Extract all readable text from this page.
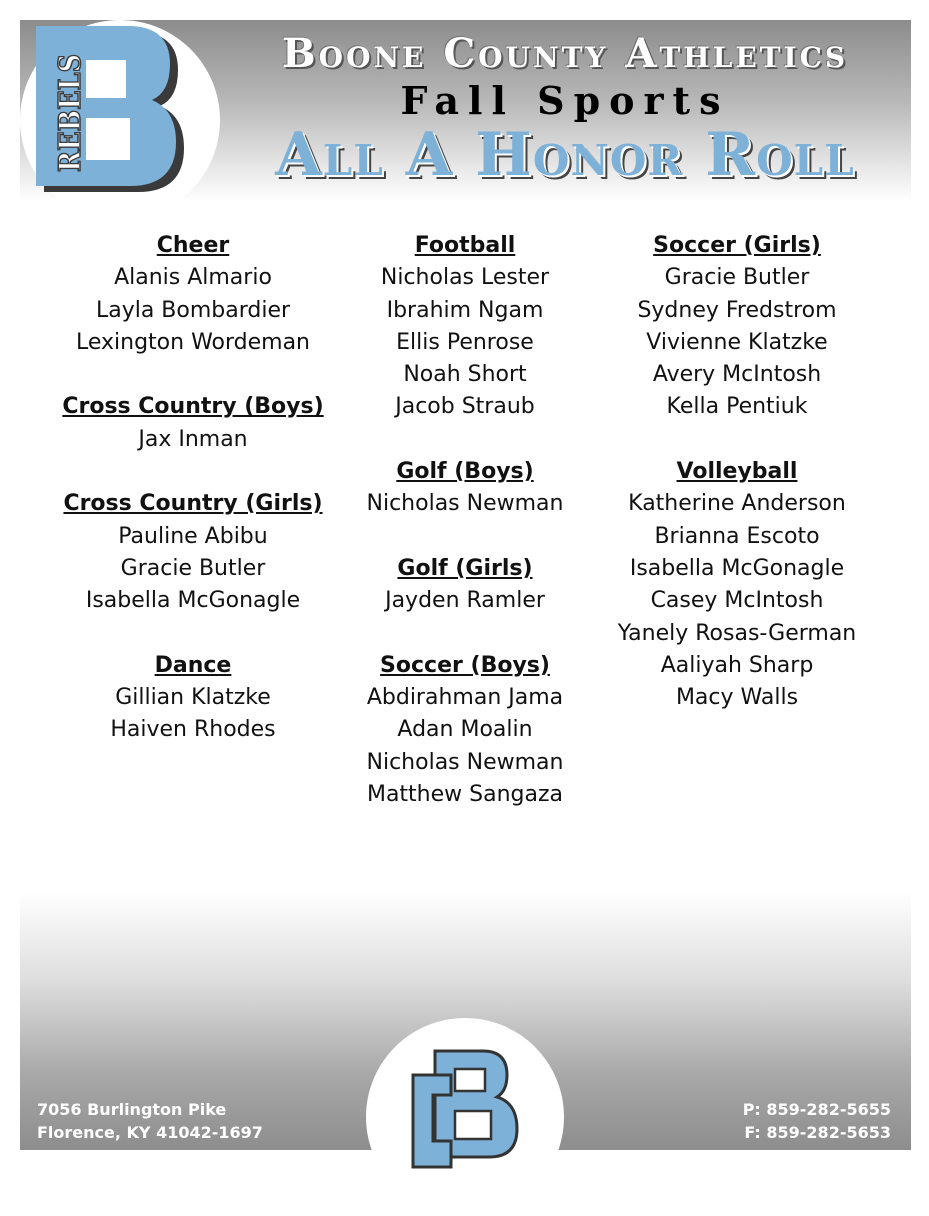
REBELS	Boone County Athletics
Fall Sports
All A Honor Roll
Cheer
Alanis Almario
Layla Bombardier
Lexington Wordeman
Cross Country (Boys)
Jax Inman
Cross Country (Girls)
Pauline Abibu
Gracie Butler
Isabella McGonagle
Dance
Gillian Klatzke
Haiven Rhodes
Football
Nicholas Lester
Ibrahim Ngam
Ellis Penrose
Noah Short
Jacob Straub
Golf (Boys)
Nicholas Newman
Golf (Girls)
Jayden Ramler
Soccer (Boys)
Abdirahman Jama
Adan Moalin
Nicholas Newman
Matthew Sangaza
Soccer (Girls)
Gracie Butler
Sydney Fredstrom
Vivienne Klatzke
Avery McIntosh
Kella Pentiuk
Volleyball
Katherine Anderson
Brianna Escoto
Isabella McGonagle
Casey McIntosh
Yanely Rosas-German
Aaliyah Sharp
Macy Walls
7056 Burlington Pike
Florence, KY 41042-1697
P: 859-282-5655
F: 859-282-5653
